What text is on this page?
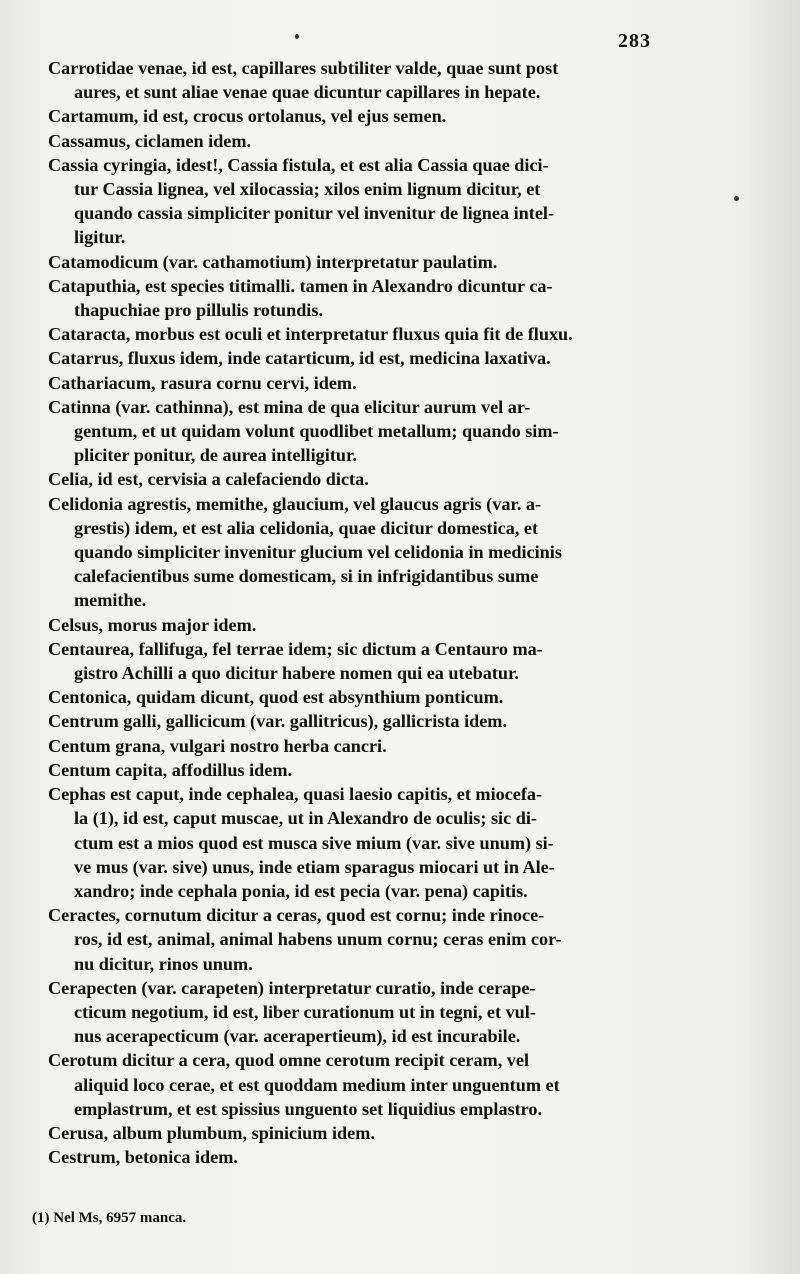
283

Carrotidae venae, id est, capillares subtiliter valde, quae sunt post
aures, et sunt aliae venae quae dicuntur capillares in hepate.

Cartamum, id est, crocus ortolanus, vel ejus semen.

Cassamus, ciclamen idem.

Cassia cyringia, idest!, Cassia fistula, et est alia Cassia quae dici-
tur Cassia lignea, vel xilocassia; xilos enim lignum dicitur, et
quando cassia simpliciter ponitur vel invenitur de lignea intel-
ligitur.

Catamodicum (var. cathamotium) interpretatur paulatim.

Cataputhia, est species titimalli. tamen in Alexandro dicuntur ca-
thapuchiae pro pillulis rotundis.

Cataracta, morbus est oculi et interpretatur fluxus quia fit de fluxu.

Catarrus, fluxus idem, inde catarticum, id est, medicina laxativa.

Cathariacum, rasura cornu cervi, idem.

Catinna (var. cathinna), est mina de qua elicitur aurum vel ar-
gentum, et ut quidam volunt quodlibet metallum; quando sim-
pliciter ponitur, de aurea intelligitur.

Celia, id est, cervisia a calefaciendo dicta.

Celidonia agrestis, memithe, glaucium, vel glaucus agris (var. a-
grestis) idem, et est alia celidonia, quae dicitur domestica, et
quando simpliciter invenitur glucium vel celidonia in medicinis
calefacientibus sume domesticam, si in infrigidantibus sume
memithe.

Celsus, morus major idem.

Centaurea, fallifuga, fel terrae idem; sic dictum a Centauro ma-
gistro Achilli a quo dicitur habere nomen qui ea utebatur.

Centonica, quidam dicunt, quod est absynthium ponticum.

Centrum galli, gallicicum (var. gallitricus), gallicrista idem.

Centum grana, vulgari nostro herba cancri.

Centum capita, affodillus idem.

Cephas est caput, inde cephalea, quasi laesio capitis, et miocefa-
la (1), id est, caput muscae, ut in Alexandro de oculis; sic di-
ctum est a mios quod est musca sive mium (var. sive unum) si-
ve mus (var. sive) unus, inde etiam sparagus miocari ut in Ale-
xandro; inde cephala ponia, id est pecia (var. pena) capitis.

Ceractes, cornutum dicitur a ceras, quod est cornu; inde rinoce-
ros, id est, animal, animal habens unum cornu; ceras enim cor-
nu dicitur, rinos unum.

Cerapecten (var. carapeten) interpretatur curatio, inde cerape-
cticum negotium, id est, liber curationum ut in tegni, et vul-
nus acerapecticum (var. acerapertieum), id est incurabile.

Cerotum dicitur a cera, quod omne cerotum recipit ceram, vel
aliquid loco cerae, et est quoddam medium inter unguentum et
emplastrum, et est spissius unguento set liquidius emplastro.

Cerusa, album plumbum, spinicium idem.

Cestrum, betonica idem.

(1) Nel Ms, 6957 manca.
